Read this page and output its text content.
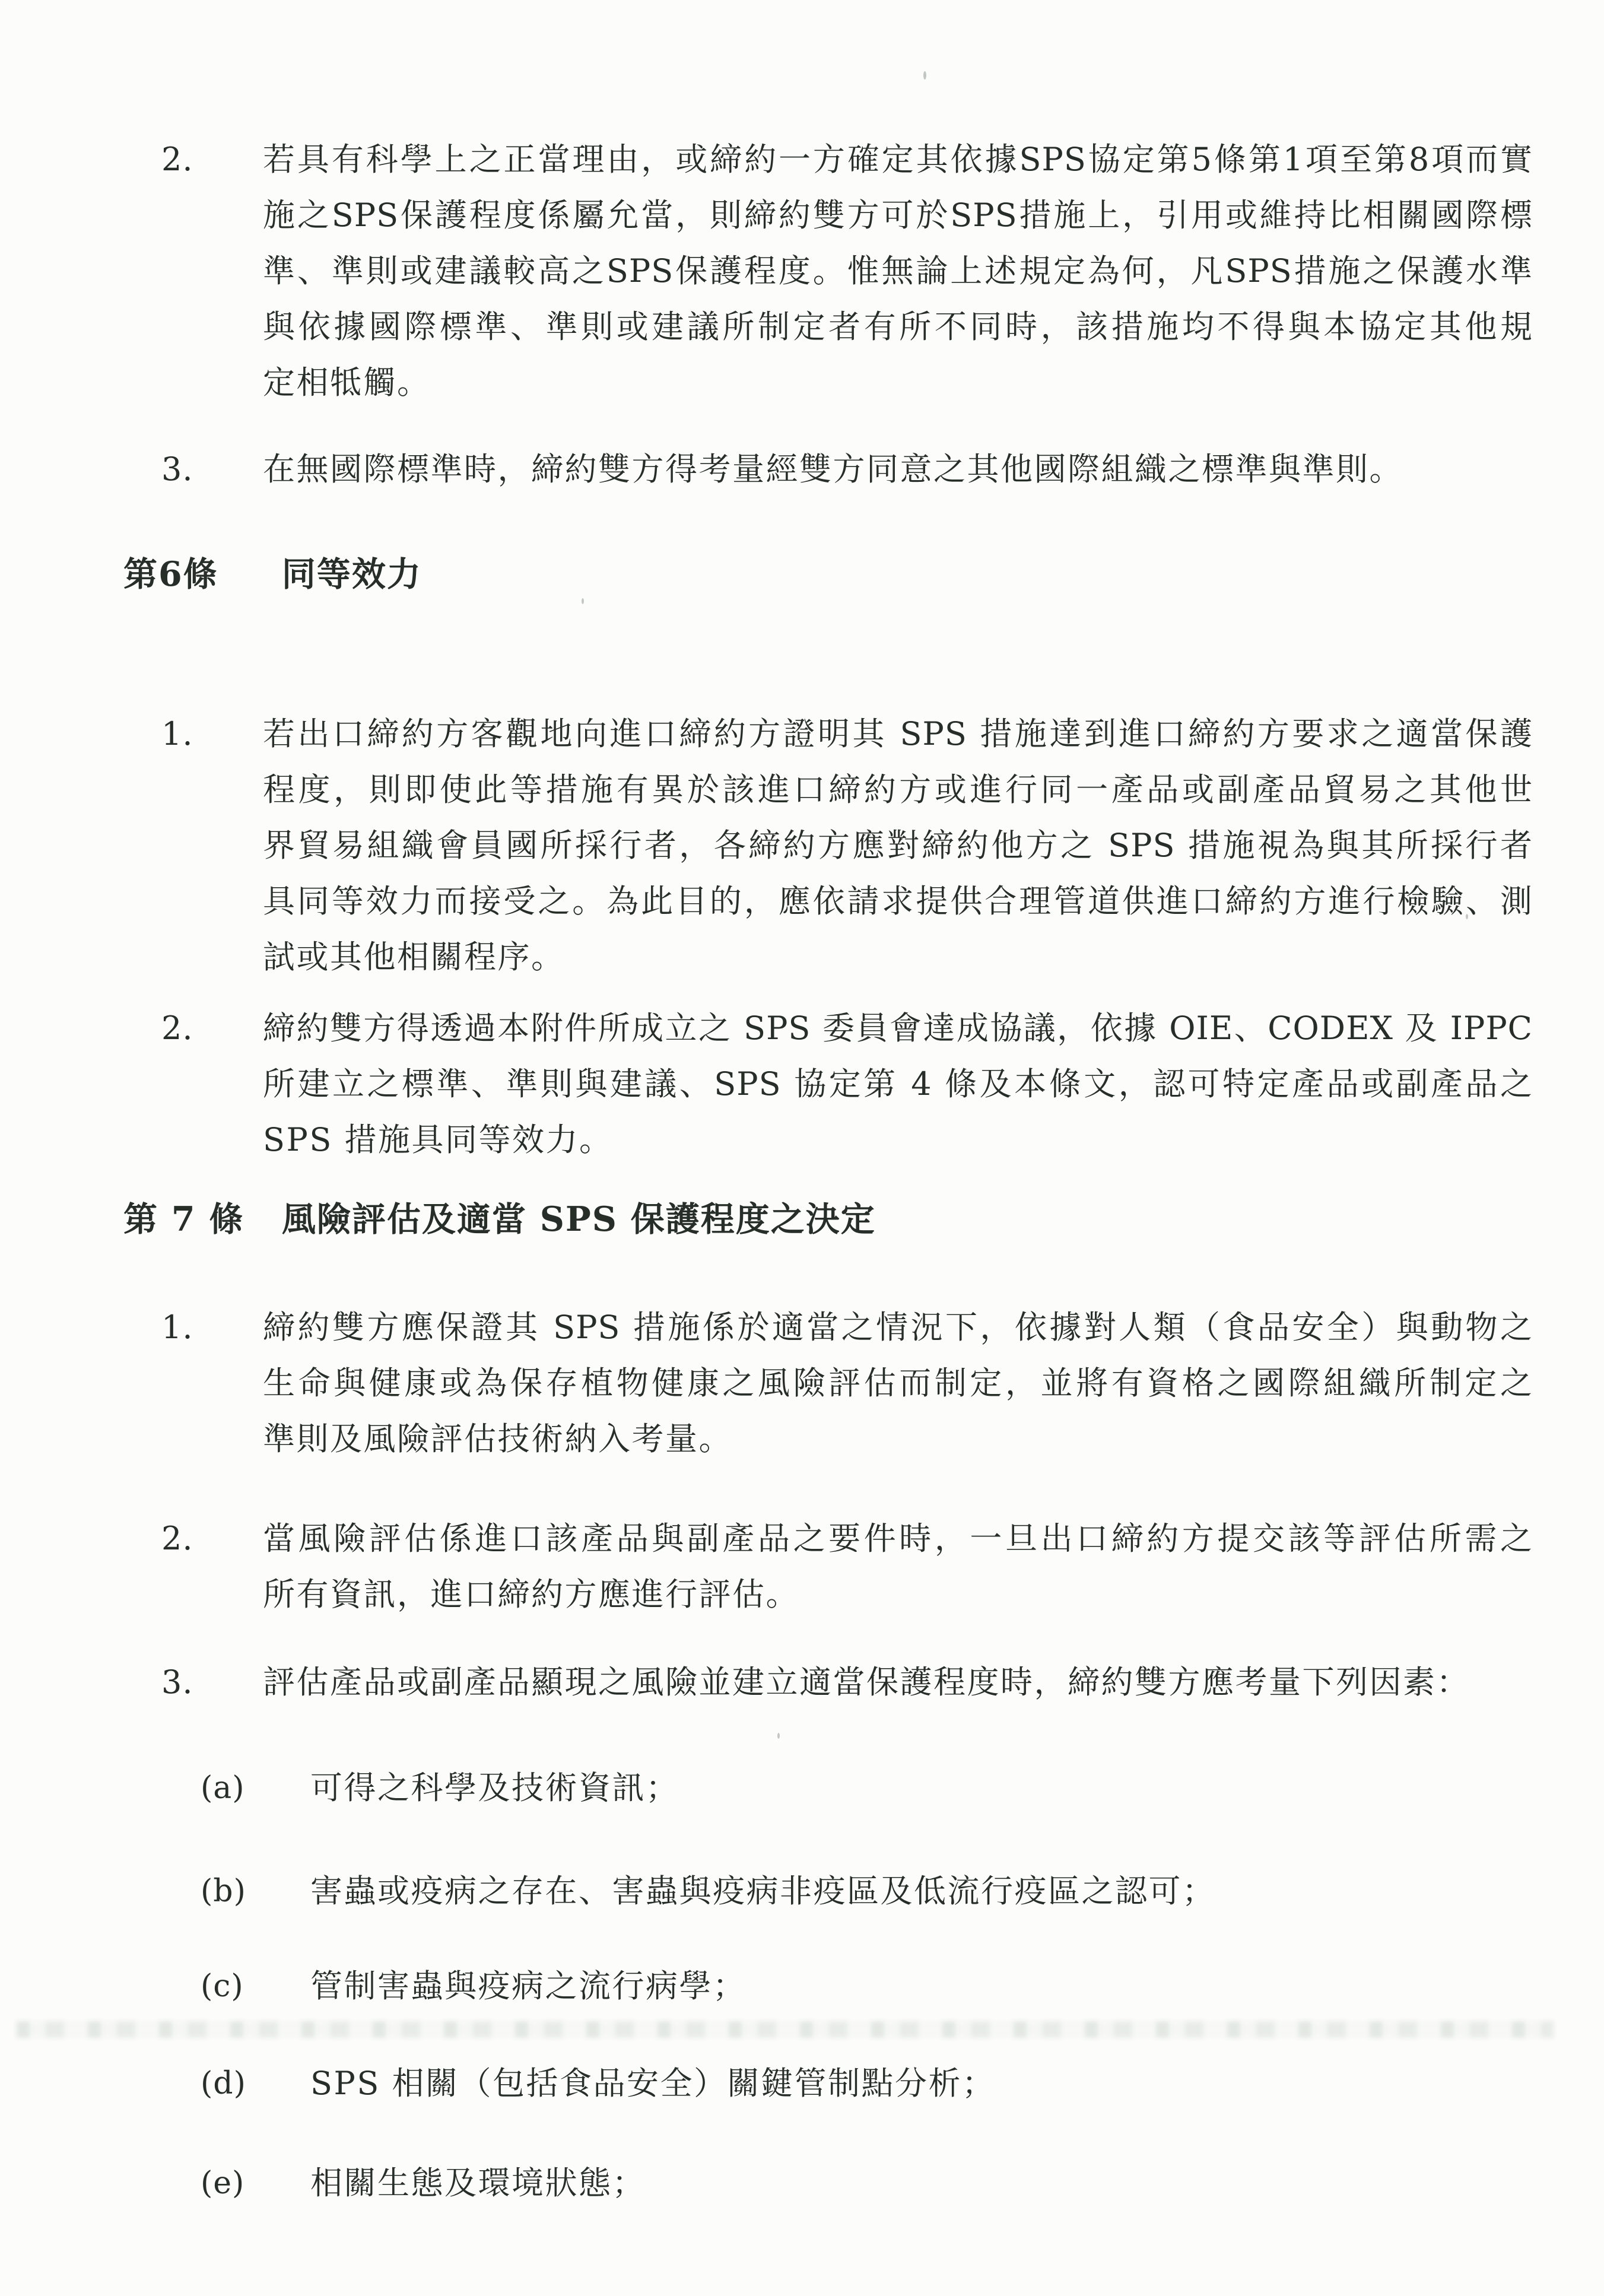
2. 若具有科學上之正當理由，或締約一方確定其依據SPS協定第5條第1項至第8項而實
施之SPS保護程度係屬允當，則締約雙方可於SPS措施上，引用或維持比相關國際標
準、準則或建議較高之SPS保護程度。惟無論上述規定為何，凡SPS措施之保護水準
與依據國際標準、準則或建議所制定者有所不同時，該措施均不得與本協定其他規
定相牴觸。
3. 在無國際標準時，締約雙方得考量經雙方同意之其他國際組織之標準與準則。
第6條 同等效力
1. 若出口締約方客觀地向進口締約方證明其 SPS 措施達到進口締約方要求之適當保護
程度，則即使此等措施有異於該進口締約方或進行同一產品或副產品貿易之其他世
界貿易組織會員國所採行者，各締約方應對締約他方之 SPS 措施視為與其所採行者
具同等效力而接受之。為此目的，應依請求提供合理管道供進口締約方進行檢驗、測
試或其他相關程序。
2. 締約雙方得透過本附件所成立之 SPS 委員會達成協議，依據 OIE、CODEX 及 IPPC
所建立之標準、準則與建議、SPS 協定第 4 條及本條文，認可特定產品或副產品之
SPS 措施具同等效力。
第 7 條 風險評估及適當 SPS 保護程度之決定
1. 締約雙方應保證其 SPS 措施係於適當之情況下，依據對人類（食品安全）與動物之
生命與健康或為保存植物健康之風險評估而制定，並將有資格之國際組織所制定之
準則及風險評估技術納入考量。
2. 當風險評估係進口該產品與副產品之要件時，一旦出口締約方提交該等評估所需之
所有資訊，進口締約方應進行評估。
3. 評估產品或副產品顯現之風險並建立適當保護程度時，締約雙方應考量下列因素：
(a) 可得之科學及技術資訊；
(b) 害蟲或疫病之存在、害蟲與疫病非疫區及低流行疫區之認可；
(c) 管制害蟲與疫病之流行病學；
(d) SPS 相關（包括食品安全）關鍵管制點分析；
(e) 相關生態及環境狀態；
